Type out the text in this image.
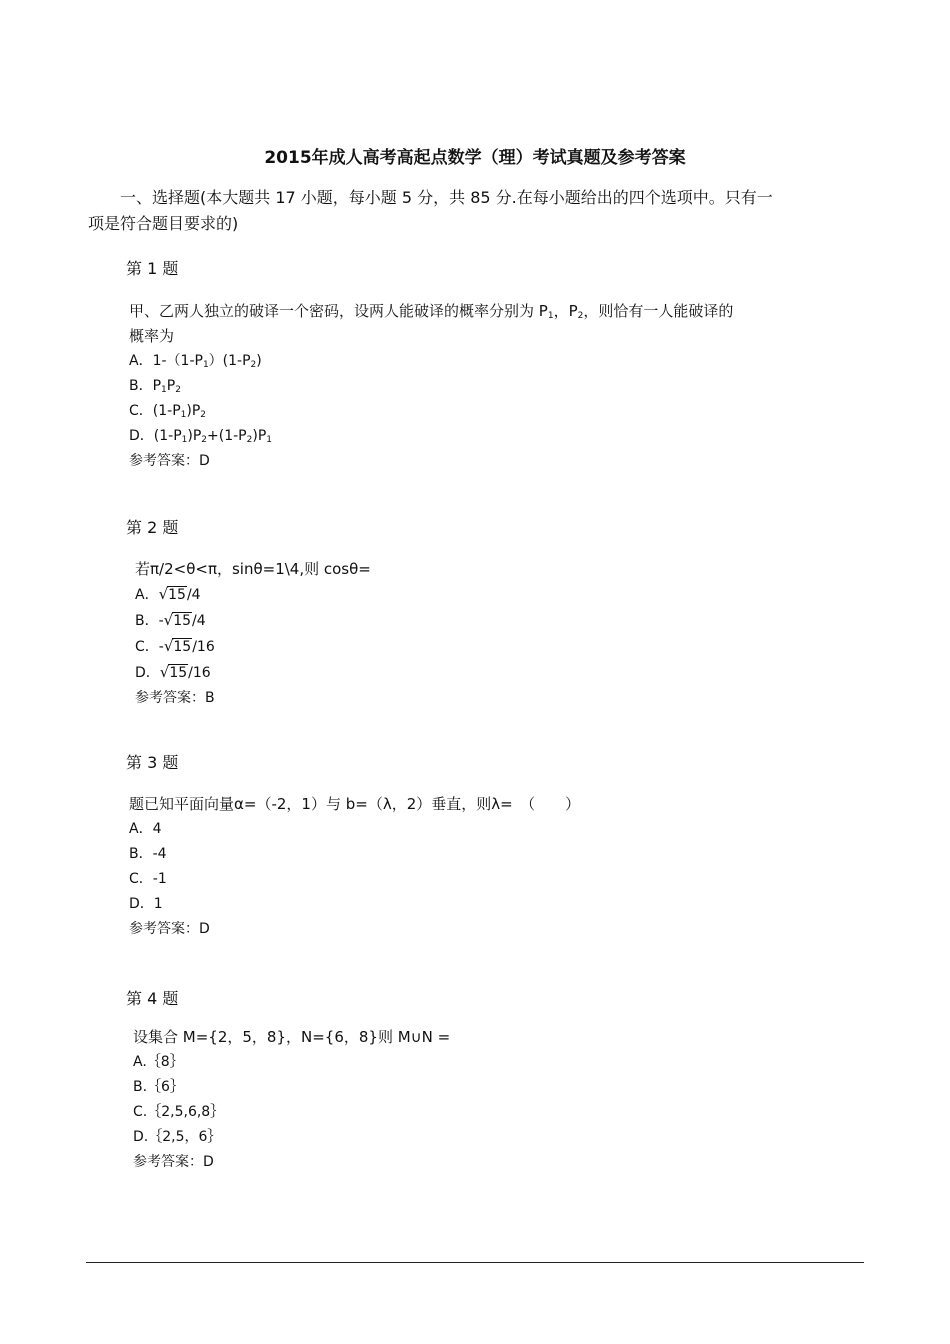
2015年成人高考高起点数学（理）考试真题及参考答案
一、选择题(本大题共 17 小题，每小题 5 分，共 85 分.在每小题给出的四个选项中。只有一
项是符合题目要求的)
第 1 题
甲、乙两人独立的破译一个密码，设两人能破译的概率分别为 $P_1$，$P_2$，则恰有一人能破译的
概率为
A．$1-(1-P_1)(1-P_2)$
B．$P_1P_2$
C．$(1-P_1)P_2$
D．$(1-P_1)P_2+(1-P_2)P_1$
参考答案：D
第 2 题
若π/2<θ<π，sinθ=1\4,则 cosθ=
A．√15/4
B．-√15/4
C．-√15/16
D．√15/16
参考答案：B
第 3 题
题已知平面向量α=（-2，1）与 b=（λ，2）垂直，则λ=　（　　）
A．4
B．-4
C．-1
D．1
参考答案：D
第 4 题
设集合 M={2，5，8}，N={6，8}则 M∪N =
A.｛8｝
B.｛6｝
C.｛2,5,6,8｝
D.｛2,5，6｝
参考答案：D
